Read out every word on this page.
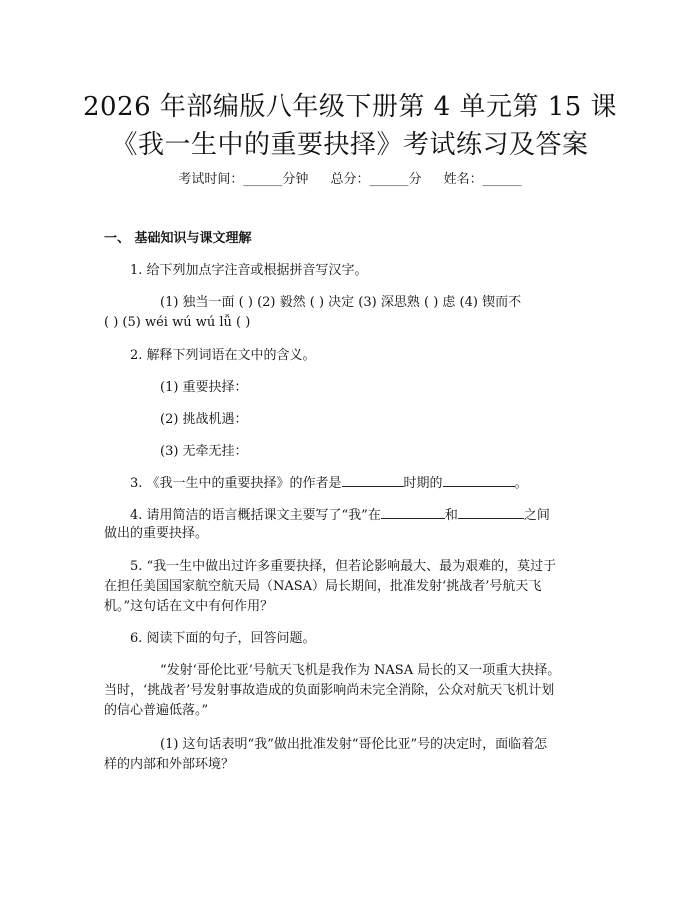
2026 年部编版八年级下册第 4 单元第 15 课
《我一生中的重要抉择》考试练习及答案
考试时间：______分钟 总分：______分 姓名：______
一、 基础知识与课文理解
1. 给下列加点字注音或根据拼音写汉字。
(1) 独当一面 ( ) (2) 毅然 ( ) 决定 (3) 深思熟 ( ) 虑 (4) 锲而不
( ) (5) wéi wú wú lǚ ( )
2. 解释下列词语在文中的含义。
(1) 重要抉择：
(2) 挑战机遇：
(3) 无牵无挂：
3. 《我一生中的重要抉择》的作者是	时期的	。
4. 请用简洁的语言概括课文主要写了“我”在	和	之间
做出的重要抉择。
5. “我一生中做出过许多重要抉择，但若论影响最大、最为艰难的，莫过于
在担任美国国家航空航天局（NASA）局长期间，批准发射‘挑战者’号航天飞
机。”这句话在文中有何作用？
6. 阅读下面的句子，回答问题。
“发射‘哥伦比亚’号航天飞机是我作为 NASA 局长的又一项重大抉择。
当时，‘挑战者’号发射事故造成的负面影响尚未完全消除，公众对航天飞机计划
的信心普遍低落。”
(1) 这句话表明“我”做出批准发射“哥伦比亚”号的决定时，面临着怎
样的内部和外部环境？
